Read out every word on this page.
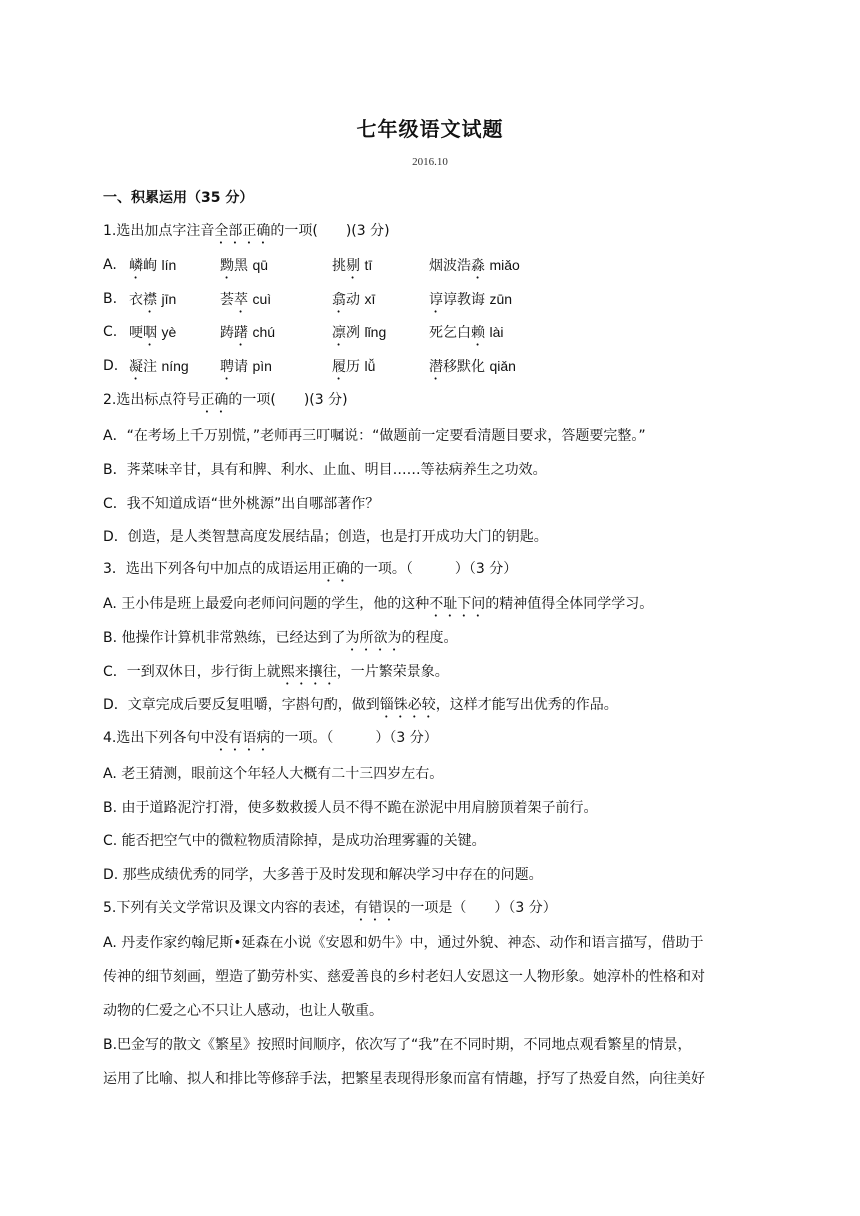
七年级语文试题
2016.10
一、积累运用（35 分）
1.选出加点字注音全部正确的一项(　　)(3 分)
A. 嶙峋 lín	黝黑 qū	挑剔 tī	烟波浩淼 miǎo
B. 衣襟 jīn	荟萃 cuì	翕动 xī	谆谆教诲 zūn
C. 哽咽 yè	踌躇 chú	凛冽 lǐng	死乞白赖 lài
D. 凝注 níng 聘请 pìn	履历 lǚ	潜移默化 qiǎn
2.选出标点符号正确的一项(　　)(3 分)
A．“在考场上千万别慌，”老师再三叮嘱说：“做题前一定要看清题目要求，答题要完整。”
B．荠菜味辛甘，具有和脾、利水、止血、明目……等祛病养生之功效。
C．我不知道成语“世外桃源”出自哪部著作？
D．创造，是人类智慧高度发展结晶；创造，也是打开成功大门的钥匙。
3．选出下列各句中加点的成语运用正确的一项。（　　　）（3 分）
A. 王小伟是班上最爱向老师问问题的学生，他的这种不耻下问的精神值得全体同学学习。
B. 他操作计算机非常熟练，已经达到了为所欲为的程度。
C．一到双休日，步行街上就熙来攘往，一片繁荣景象。
D．文章完成后要反复咀嚼，字斟句酌，做到锱铢必较，这样才能写出优秀的作品。
4.选出下列各句中没有语病的一项。（　　　）（3 分）
A. 老王猜测，眼前这个年轻人大概有二十三四岁左右。
B. 由于道路泥泞打滑，使多数救援人员不得不跪在淤泥中用肩膀顶着架子前行。
C. 能否把空气中的微粒物质清除掉，是成功治理雾霾的关键。
D. 那些成绩优秀的同学，大多善于及时发现和解决学习中存在的问题。
5.下列有关文学常识及课文内容的表述，有错误的一项是（　　）（3 分）
A. 丹麦作家约翰尼斯•延森在小说《安恩和奶牛》中，通过外貌、神态、动作和语言描写，借助于
传神的细节刻画，塑造了勤劳朴实、慈爱善良的乡村老妇人安恩这一人物形象。她淳朴的性格和对
动物的仁爱之心不只让人感动，也让人敬重。
B.巴金写的散文《繁星》按照时间顺序，依次写了“我”在不同时期，不同地点观看繁星的情景，
运用了比喻、拟人和排比等修辞手法，把繁星表现得形象而富有情趣，抒写了热爱自然，向往美好
